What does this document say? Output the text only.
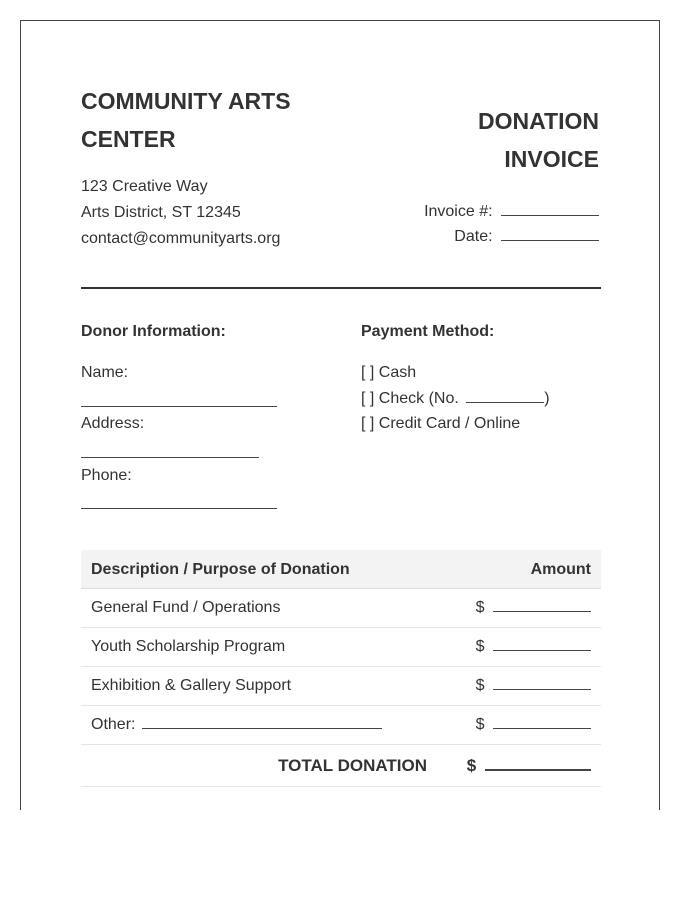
COMMUNITY ARTS CENTER
DONATION INVOICE
123 Creative Way
Arts District, ST 12345
contact@communityarts.org
Invoice #:
Date:
Donor Information:
Name:
Address:
Phone:
Payment Method:
[ ] Cash
[ ] Check (No.	)
[ ] Credit Card / Online
Description / Purpose of Donation	Amount
General Fund / Operations	$
Youth Scholarship Program	$
Exhibition & Gallery Support	$
Other:	$
TOTAL DONATION $
